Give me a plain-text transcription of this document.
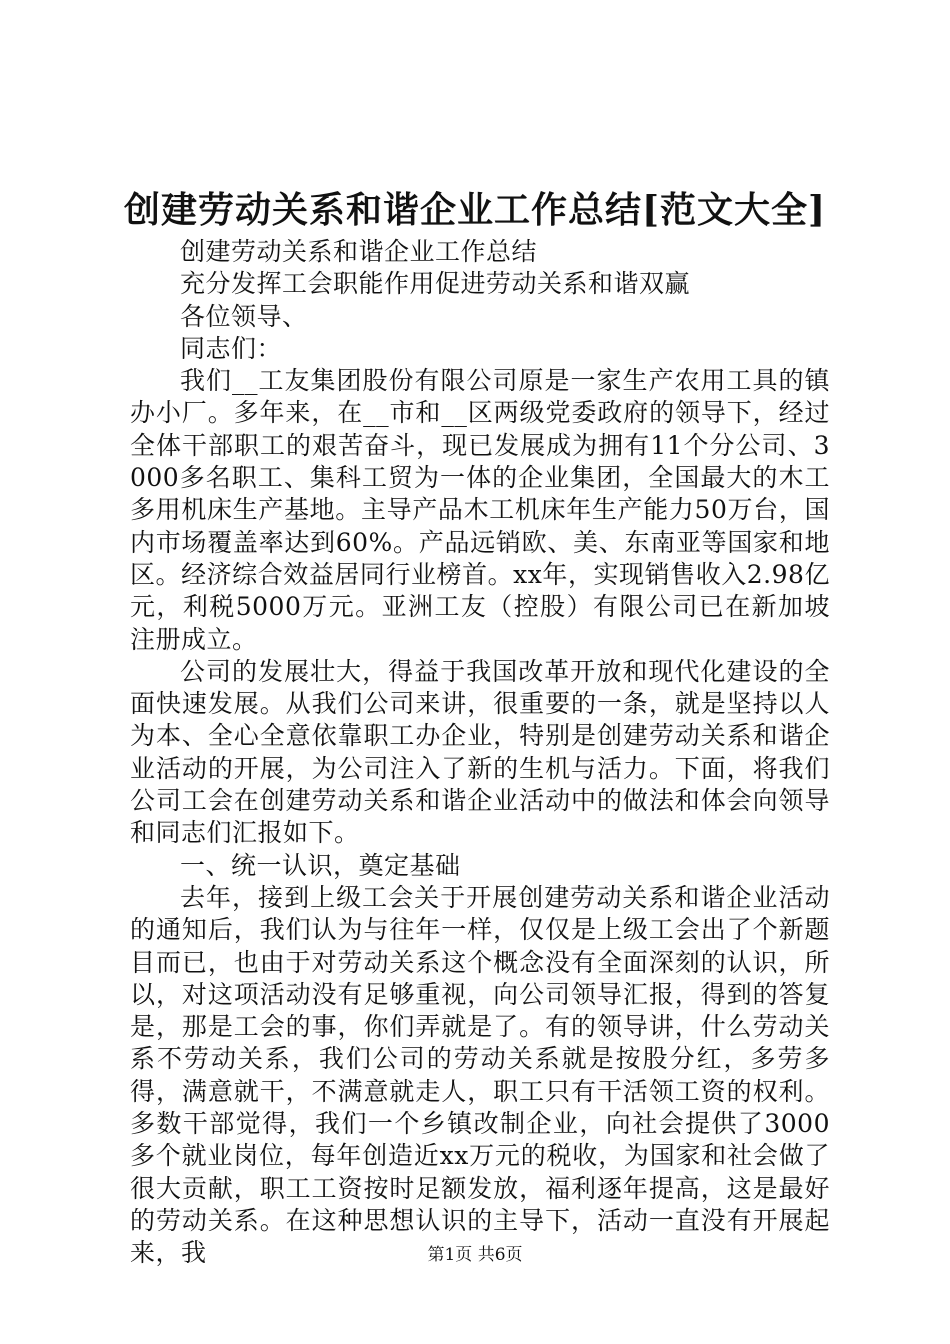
创建劳动关系和谐企业工作总结[范文大全]

创建劳动关系和谐企业工作总结

充分发挥工会职能作用促进劳动关系和谐双赢

各位领导、

同志们：

我们__工友集团股份有限公司原是一家生产农用工具的镇办小厂。多年来，在__市和__区两级党委政府的领导下，经过全体干部职工的艰苦奋斗，现已发展成为拥有11个分公司、3000多名职工、集科工贸为一体的企业集团，全国最大的木工多用机床生产基地。主导产品木工机床年生产能力50万台，国内市场覆盖率达到60%。产品远销欧、美、东南亚等国家和地区。经济综合效益居同行业榜首。xx年，实现销售收入2.98亿元，利税5000万元。亚洲工友（控股）有限公司已在新加坡注册成立。

公司的发展壮大，得益于我国改革开放和现代化建设的全面快速发展。从我们公司来讲，很重要的一条，就是坚持以人为本、全心全意依靠职工办企业，特别是创建劳动关系和谐企业活动的开展，为公司注入了新的生机与活力。下面，将我们公司工会在创建劳动关系和谐企业活动中的做法和体会向领导和同志们汇报如下。

一、统一认识，奠定基础

去年，接到上级工会关于开展创建劳动关系和谐企业活动的通知后，我们认为与往年一样，仅仅是上级工会出了个新题目而已，也由于对劳动关系这个概念没有全面深刻的认识，所以，对这项活动没有足够重视，向公司领导汇报，得到的答复是，那是工会的事，你们弄就是了。有的领导讲，什么劳动关系不劳动关系，我们公司的劳动关系就是按股分红，多劳多得，满意就干，不满意就走人，职工只有干活领工资的权利。多数干部觉得，我们一个乡镇改制企业，向社会提供了3000多个就业岗位，每年创造近xx万元的税收，为国家和社会做了很大贡献，职工工资按时足额发放，福利逐年提高，这是最好的劳动关系。在这种思想认识的主导下，活动一直没有开展起来，我	第1页 共6页
